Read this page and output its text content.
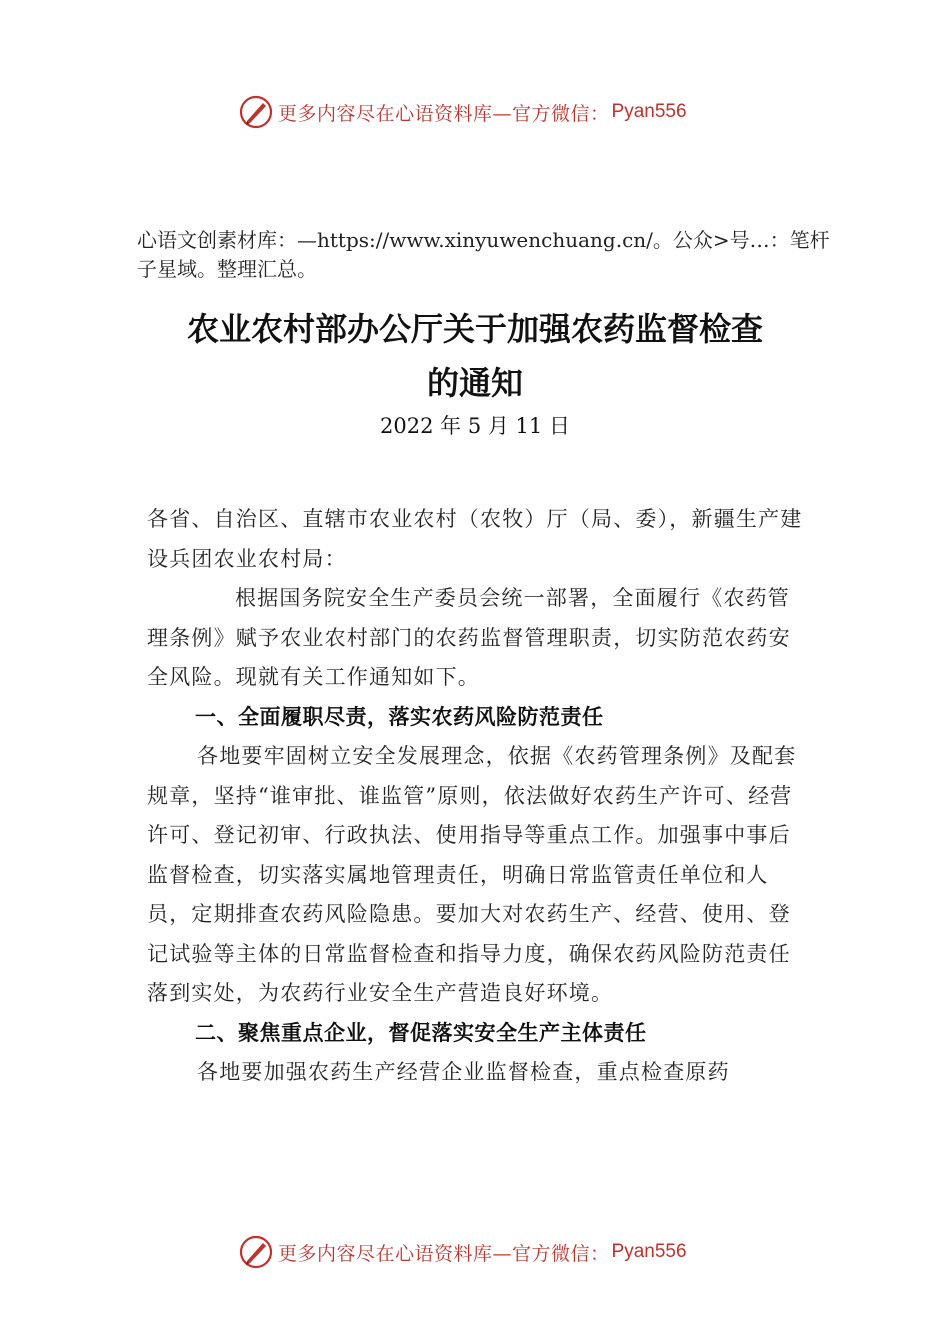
更多内容尽在心语资料库—官方微信： Pyan556
心语文创素材库：—https://www.xinyuwenchuang.cn/。公众>号…：笔杆子星域。整理汇总。
农业农村部办公厅关于加强农药监督检查
的通知
2022 年 5 月 11 日

各省、自治区、直辖市农业农村（农牧）厅（局、委），新疆生产建设兵团农业农村局：

根据国务院安全生产委员会统一部署，全面履行《农药管理条例》赋予农业农村部门的农药监督管理职责，切实防范农药安全风险。现就有关工作通知如下。

一、全面履职尽责，落实农药风险防范责任

各地要牢固树立安全发展理念，依据《农药管理条例》及配套规章，坚持“谁审批、谁监管”原则，依法做好农药生产许可、经营许可、登记初审、行政执法、使用指导等重点工作。加强事中事后监督检查，切实落实属地管理责任，明确日常监管责任单位和人员，定期排查农药风险隐患。要加大对农药生产、经营、使用、登记试验等主体的日常监督检查和指导力度，确保农药风险防范责任落到实处，为农药行业安全生产营造良好环境。

二、聚焦重点企业，督促落实安全生产主体责任

各地要加强农药生产经营企业监督检查，重点检查原药

更多内容尽在心语资料库—官方微信： Pyan556
